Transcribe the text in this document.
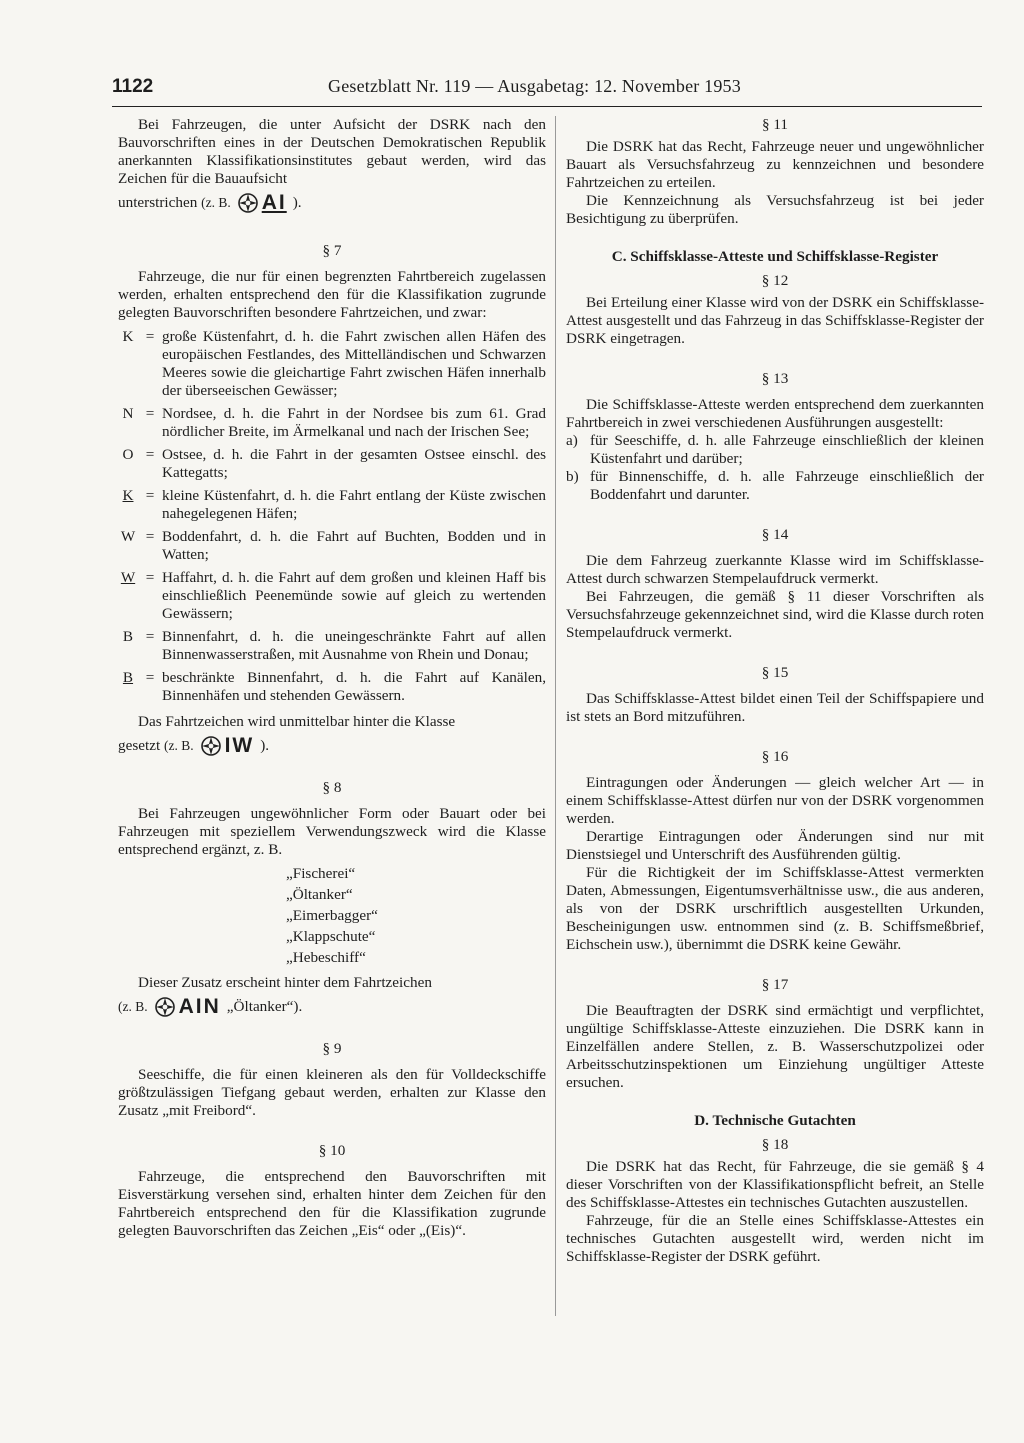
1122	Gesetzblatt Nr. 119 — Ausgabetag: 12. November 1953

Bei Fahrzeugen, die unter Aufsicht der DSRK nach den Bauvorschriften eines in der Deutschen Demokratischen Republik anerkannten Klassifikationsinstitutes gebaut werden, wird das Zeichen für die Bauaufsicht

unterstrichen
(z. B. AI ).
§ 7

Fahrzeuge, die nur für einen begrenzten Fahrtbereich zugelassen werden, erhalten entsprechend den für die Klassifikation zugrunde gelegten Bauvorschriften besondere Fahrtzeichen, und zwar:

K = große Küstenfahrt, d. h. die Fahrt zwischen allen Häfen des europäischen Festlandes, des Mittelländischen und Schwarzen Meeres sowie die gleichartige Fahrt zwischen Häfen innerhalb der überseeischen Gewässer;
N = Nordsee, d. h. die Fahrt in der Nordsee bis zum 61. Grad nördlicher Breite, im Ärmelkanal und nach der Irischen See;
O = Ostsee, d. h. die Fahrt in der gesamten Ostsee einschl. des Kattegatts;
K = kleine Küstenfahrt, d. h. die Fahrt entlang der Küste zwischen nahegelegenen Häfen;
W = Boddenfahrt, d. h. die Fahrt auf Buchten, Bodden und in Watten;
W = Haffahrt, d. h. die Fahrt auf dem großen und kleinen Haff bis einschließlich Peenemünde sowie auf gleich zu wertenden Gewässern;
B = Binnenfahrt, d. h. die uneingeschränkte Fahrt auf allen Binnenwasserstraßen, mit Ausnahme von Rhein und Donau;
B = beschränkte Binnenfahrt, d. h. die Fahrt auf Kanälen, Binnenhäfen und stehenden Gewässern.

Das Fahrtzeichen wird unmittelbar hinter die Klasse

gesetzt
(z. B. IW ).
§ 8

Bei Fahrzeugen ungewöhnlicher Form oder Bauart oder bei Fahrzeugen mit speziellem Verwendungszweck wird die Klasse entsprechend ergänzt, z. B.

„Fischerei“
„Öltanker“
„Eimerbagger“
„Klappschute“
„Hebeschiff“

Dieser Zusatz erscheint hinter dem Fahrtzeichen

(z. B. AIN „Öltanker“).
§ 9

Seeschiffe, die für einen kleineren als den für Volldeckschiffe größtzulässigen Tiefgang gebaut werden, erhalten zur Klasse den Zusatz „mit Freibord“.

§ 10

Fahrzeuge, die entsprechend den Bauvorschriften mit Eisverstärkung versehen sind, erhalten hinter dem Zeichen für den Fahrtbereich entsprechend den für die Klassifikation zugrunde gelegten Bauvorschriften das Zeichen „Eis“ oder „(Eis)“.

§ 11

Die DSRK hat das Recht, Fahrzeuge neuer und ungewöhnlicher Bauart als Versuchsfahrzeug zu kennzeichnen und besondere Fahrtzeichen zu erteilen.

Die Kennzeichnung als Versuchsfahrzeug ist bei jeder Besichtigung zu überprüfen.

C. Schiffsklasse-Atteste und Schiffsklasse-Register
§ 12

Bei Erteilung einer Klasse wird von der DSRK ein Schiffsklasse-Attest ausgestellt und das Fahrzeug in das Schiffsklasse-Register der DSRK eingetragen.

§ 13

Die Schiffsklasse-Atteste werden entsprechend dem zuerkannten Fahrtbereich in zwei verschiedenen Ausführungen ausgestellt:

a) für Seeschiffe, d. h. alle Fahrzeuge einschließlich der kleinen Küstenfahrt und darüber;
b) für Binnenschiffe, d. h. alle Fahrzeuge einschließlich der Boddenfahrt und darunter.
§ 14

Die dem Fahrzeug zuerkannte Klasse wird im Schiffsklasse-Attest durch schwarzen Stempelaufdruck vermerkt.

Bei Fahrzeugen, die gemäß § 11 dieser Vorschriften als Versuchsfahrzeuge gekennzeichnet sind, wird die Klasse durch roten Stempelaufdruck vermerkt.

§ 15

Das Schiffsklasse-Attest bildet einen Teil der Schiffspapiere und ist stets an Bord mitzuführen.

§ 16

Eintragungen oder Änderungen — gleich welcher Art — in einem Schiffsklasse-Attest dürfen nur von der DSRK vorgenommen werden.

Derartige Eintragungen oder Änderungen sind nur mit Dienstsiegel und Unterschrift des Ausführenden gültig.

Für die Richtigkeit der im Schiffsklasse-Attest vermerkten Daten, Abmessungen, Eigentumsverhältnisse usw., die aus anderen, als von der DSRK urschriftlich ausgestellten Urkunden, Bescheinigungen usw. entnommen sind (z. B. Schiffsmeßbrief, Eichschein usw.), übernimmt die DSRK keine Gewähr.

§ 17

Die Beauftragten der DSRK sind ermächtigt und verpflichtet, ungültige Schiffsklasse-Atteste einzuziehen. Die DSRK kann in Einzelfällen andere Stellen, z. B. Wasserschutzpolizei oder Arbeitsschutzinspektionen um Einziehung ungültiger Atteste ersuchen.

D. Technische Gutachten
§ 18

Die DSRK hat das Recht, für Fahrzeuge, die sie gemäß § 4 dieser Vorschriften von der Klassifikationspflicht befreit, an Stelle des Schiffsklasse-Attestes ein technisches Gutachten auszustellen.

Fahrzeuge, für die an Stelle eines Schiffsklasse-Attestes ein technisches Gutachten ausgestellt wird, werden nicht im Schiffsklasse-Register der DSRK geführt.
